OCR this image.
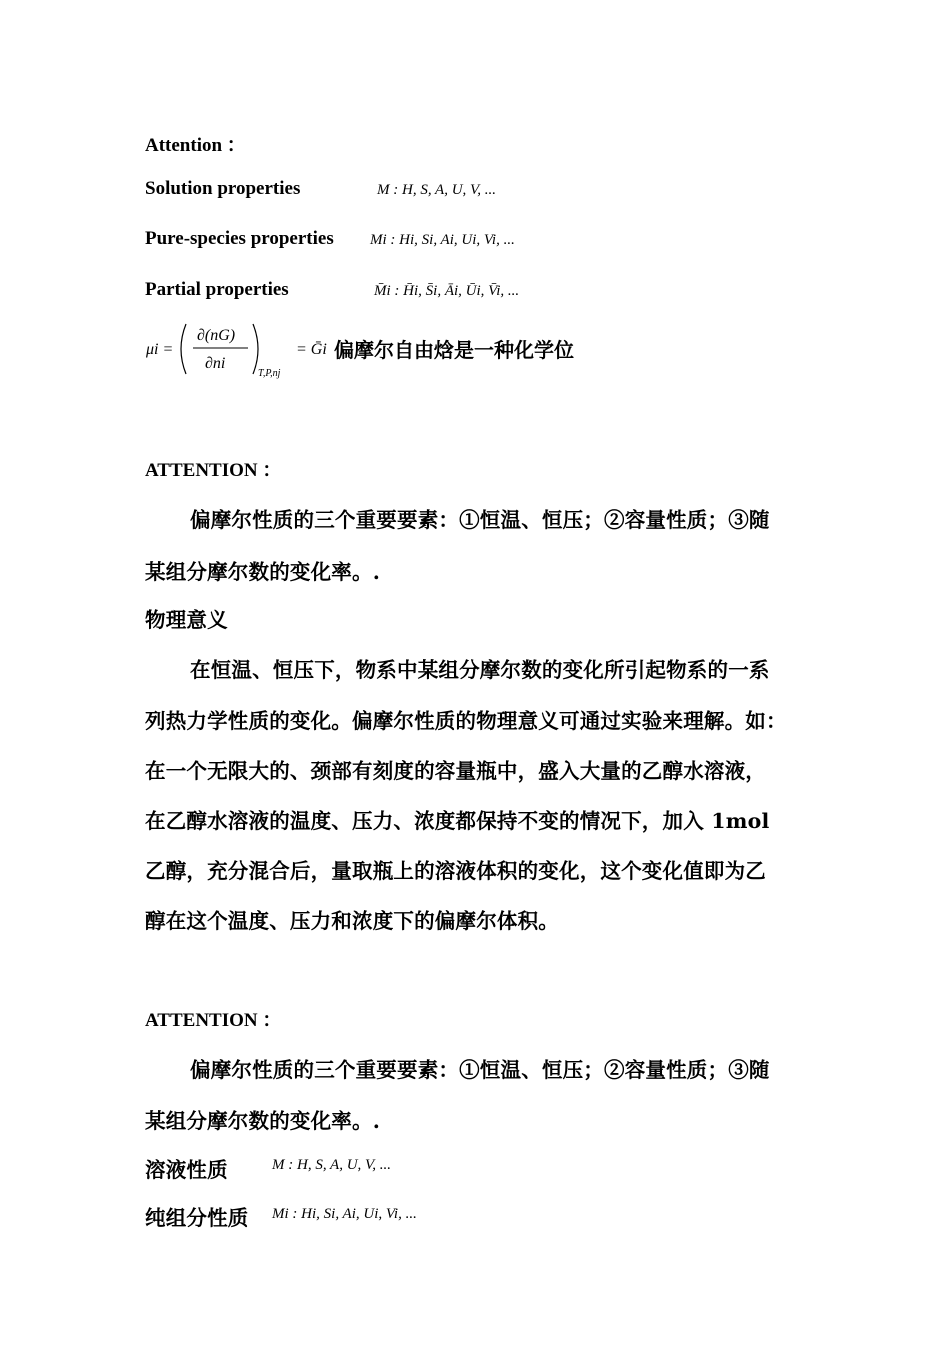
Attention ：
Solution properties	M : H, S, A, U, V, ...
Pure-species properties Mi : Hi, Si, Ai, Ui, Vi, ...
Partial properties	M̄i : H̄i, S̄i, Āi, Ūi, V̄i, ...
μi =
∂(nG)
∂ni
T,P,nj
= Ḡi 偏摩尔自由焓是一种化学位
ATTENTION ：
偏摩尔性质的三个重要要素：①恒温、恒压；②容量性质；③随
某组分摩尔数的变化率。.
物理意义
在恒温、恒压下，物系中某组分摩尔数的变化所引起物系的一系
列热力学性质的变化。偏摩尔性质的物理意义可通过实验来理解。如：
在一个无限大的、颈部有刻度的容量瓶中，盛入大量的乙醇水溶液，
在乙醇水溶液的温度、压力、浓度都保持不变的情况下，加入 1mol
乙醇，充分混合后，量取瓶上的溶液体积的变化，这个变化值即为乙
醇在这个温度、压力和浓度下的偏摩尔体积。
ATTENTION ：
偏摩尔性质的三个重要要素：①恒温、恒压；②容量性质；③随
某组分摩尔数的变化率。.
溶液性质	M : H, S, A, U, V, ...
纯组分性质 Mi : Hi, Si, Ai, Ui, Vi, ...
